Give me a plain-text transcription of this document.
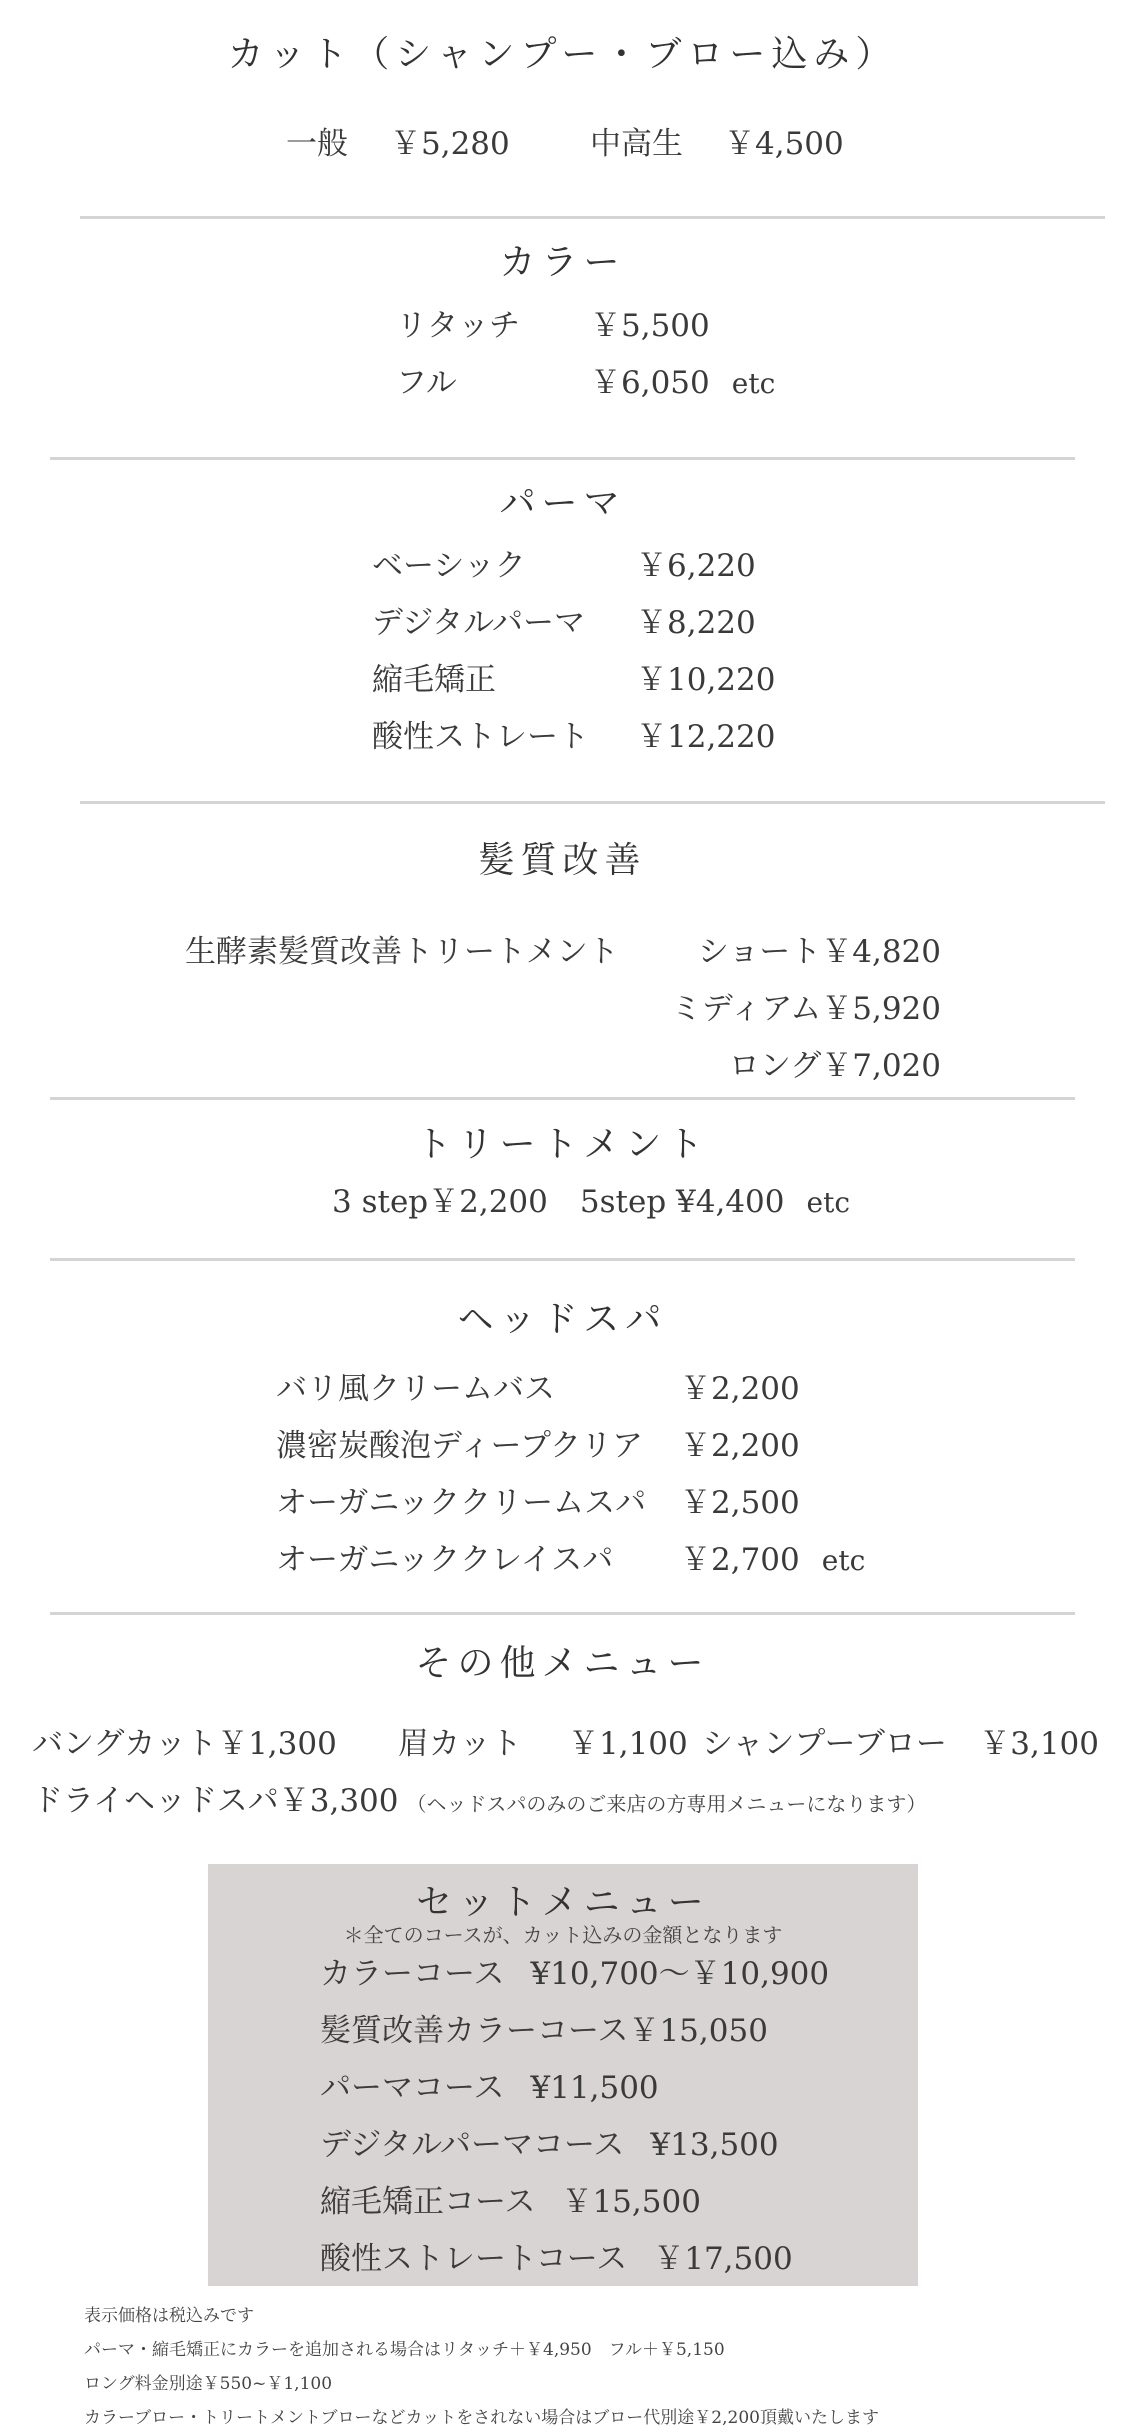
カット（シャンプー・ブロー込み）
一般 ￥5,280	中高生 ￥4,500
カラー
リタッチ ￥5,500
フル	￥6,050 etc
パーマ
ベーシック	￥6,220
デジタルパーマ ￥8,220
縮毛矯正	￥10,220
酸性ストレート ￥12,220
髪質改善
生酵素髪質改善トリートメント	ショート￥4,820
ミディアム￥5,920
ロング￥7,020
トリートメント
3 step￥2,200 5step ¥4,400 etc
ヘッドスパ
バリ風クリームバス	￥2,200
濃密炭酸泡ディープクリア ￥2,200
オーガニッククリームスパ ￥2,500
オーガニッククレイスパ ￥2,700 etc
その他メニュー
バングカット￥1,300 眉カット ￥1,100 シャンプーブロー ￥3,100
ドライヘッドスパ￥3,300 （ヘッドスパのみのご来店の方専用メニューになります）
セットメニュー
＊全てのコースが、カット込みの金額となります
カラーコース ¥10,700～￥10,900
髪質改善カラーコース￥15,050
パーマコース ¥11,500
デジタルパーマコース ¥13,500
縮毛矯正コース ￥15,500
酸性ストレートコース ￥17,500
表示価格は税込みです
パーマ・縮毛矯正にカラーを追加される場合はリタッチ＋￥4,950　フル＋￥5,150
ロング料金別途￥550~￥1,100
カラーブロー・トリートメントブローなどカットをされない場合はブロー代別途￥2,200頂戴いたします
